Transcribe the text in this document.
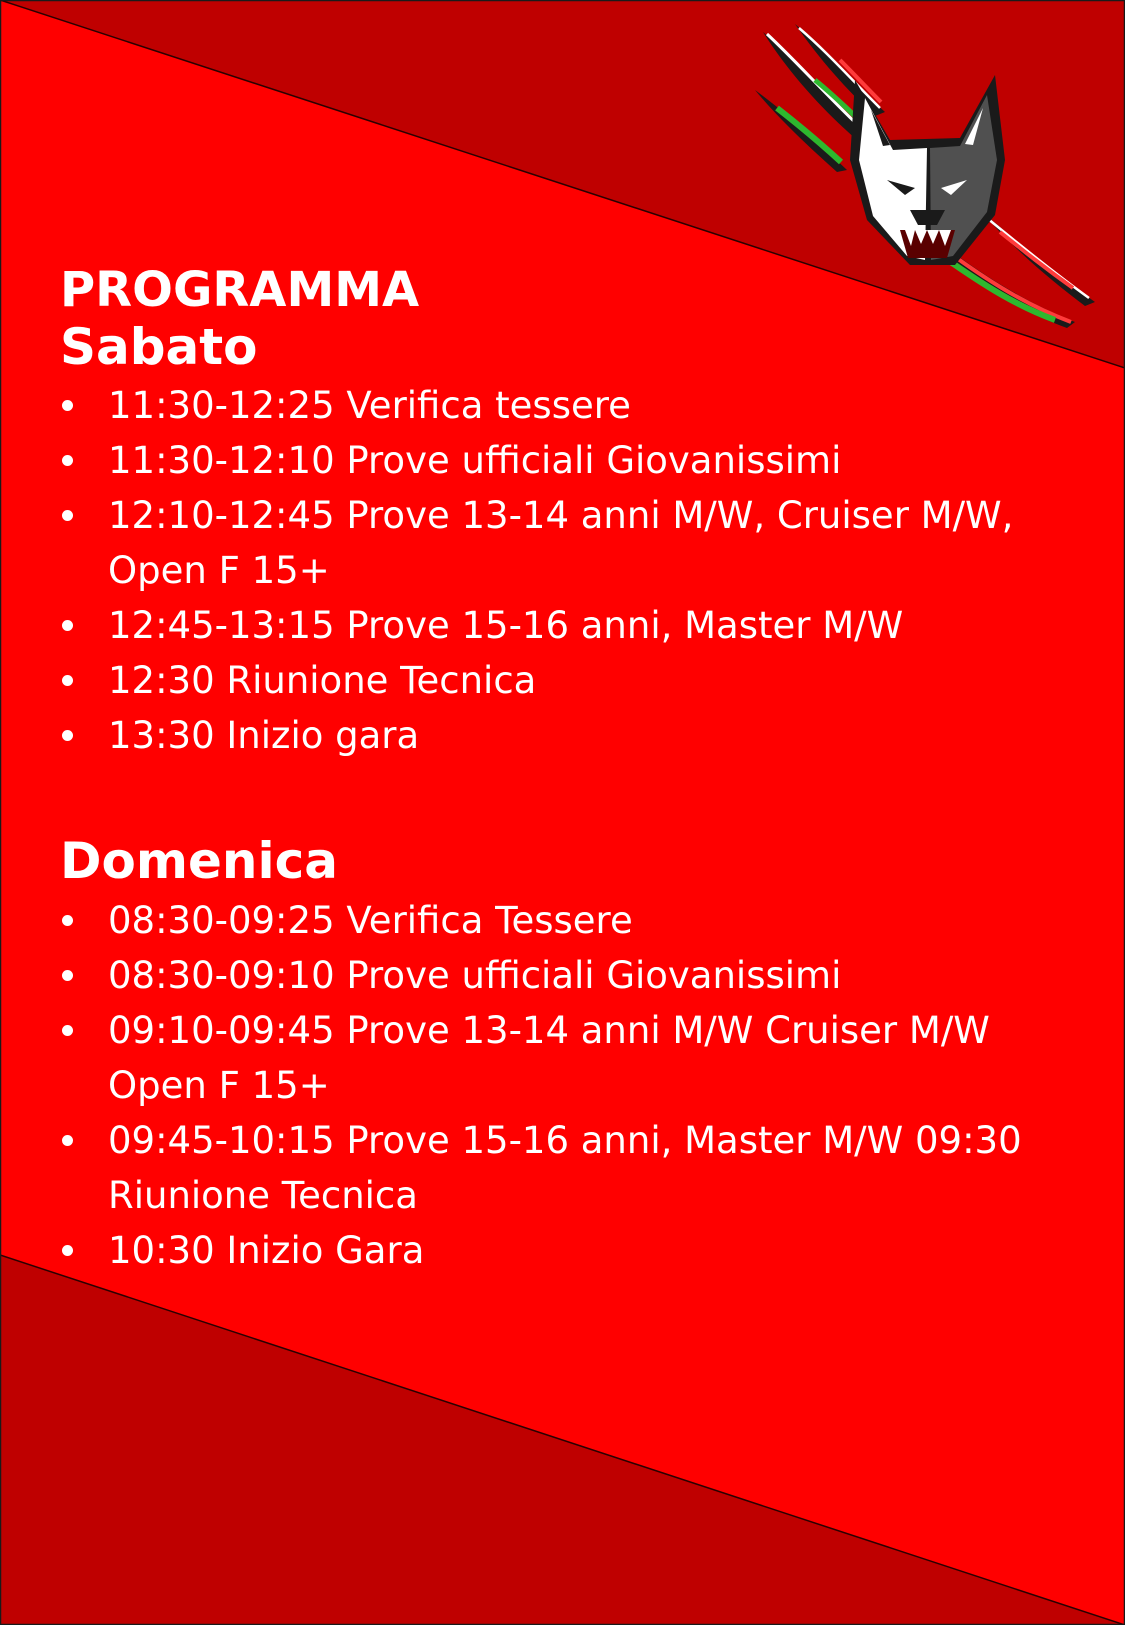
PROGRAMMA
Sabato
11:30-12:25 Verifica tessere
11:30-12:10 Prove ufficiali Giovanissimi
12:10-12:45 Prove 13-14 anni M/W, Cruiser M/W, Open F 15+
12:45-13:15 Prove 15-16 anni, Master M/W
12:30 Riunione Tecnica
13:30 Inizio gara
Domenica
08:30-09:25 Verifica Tessere
08:30-09:10 Prove ufficiali Giovanissimi
09:10-09:45 Prove 13-14 anni M/W Cruiser M/W Open F 15+
09:45-10:15 Prove 15-16 anni, Master M/W 09:30 Riunione Tecnica
10:30 Inizio Gara
